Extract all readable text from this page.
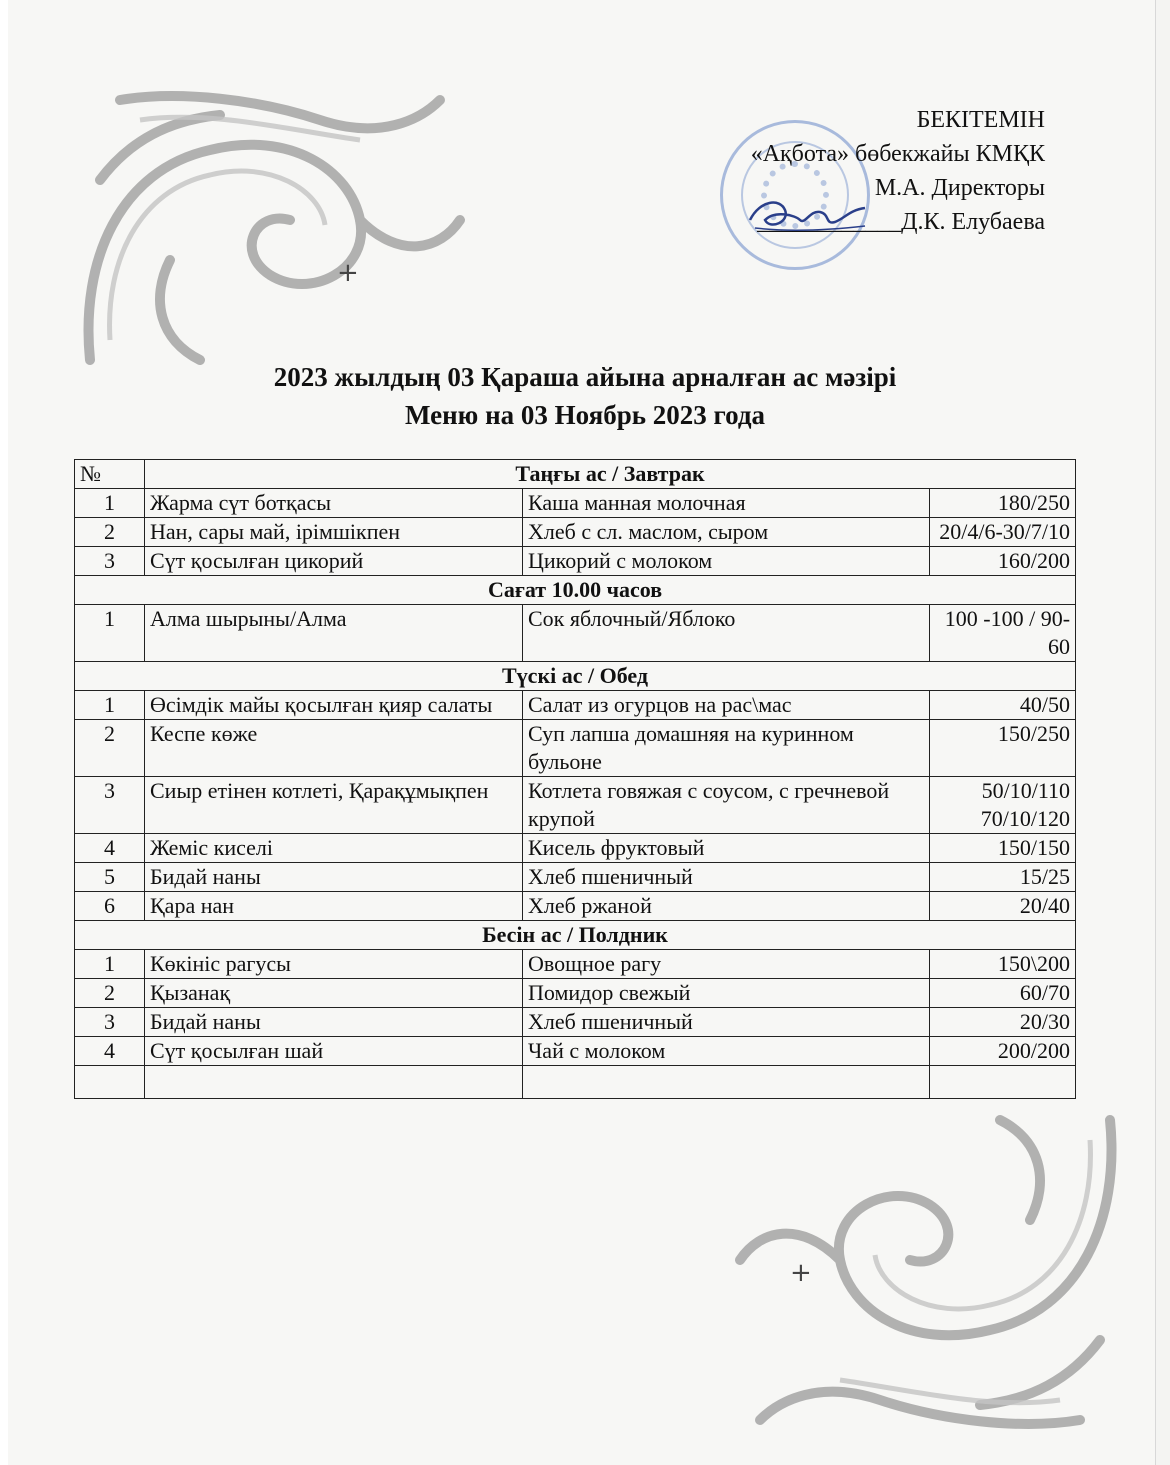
+
+
БЕКІТЕМІН
«Ақбота» бөбекжайы КМҚК
М.А. Директоры
____________Д.К. Елубаева
2023 жылдың 03 Қараша айына арналған ас мәзірі
Меню на 03 Ноябрь 2023 года
№	Таңғы ас / Завтрак		
1	Жарма сүт ботқасы	Каша манная молочная	180/250
2	Нан, сары май, ірімшікпен	Хлеб с сл. маслом, сыром	20/4/6-30/7/10
3	Сүт қосылған цикорий	Цикорий с молоком	160/200
Сағат 10.00 часов			
1	Алма шырыны/Алма	Сок яблочный/Яблоко	100 -100 / 90-60
Түскі ас / Обед			
1	Өсімдік майы қосылған қияр салаты	Салат из огурцов на рас\мас	40/50
2	Кеспе көже	Суп лапша домашняя на куринном бульоне	150/250
3	Сиыр етінен котлеті, Қарақұмықпен	Котлета говяжая с соусом, с гречневой крупой	50/10/110 70/10/120
4	Жеміс киселі	Кисель фруктовый	150/150
5	Бидай наны	Хлеб пшеничный	15/25
6	Қара нан	Хлеб ржаной	20/40
Бесін ас / Полдник			
1	Көкініс рагусы	Овощное рагу	150\200
2	Қызанақ	Помидор свежый	60/70
3	Бидай наны	Хлеб пшеничный	20/30
4	Сүт қосылған шай	Чай с молоком	200/200
